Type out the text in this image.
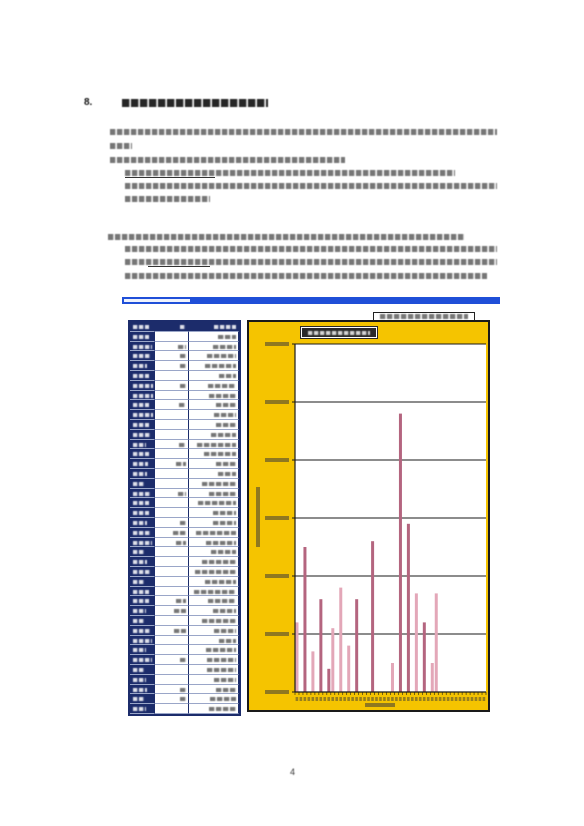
8.
4
